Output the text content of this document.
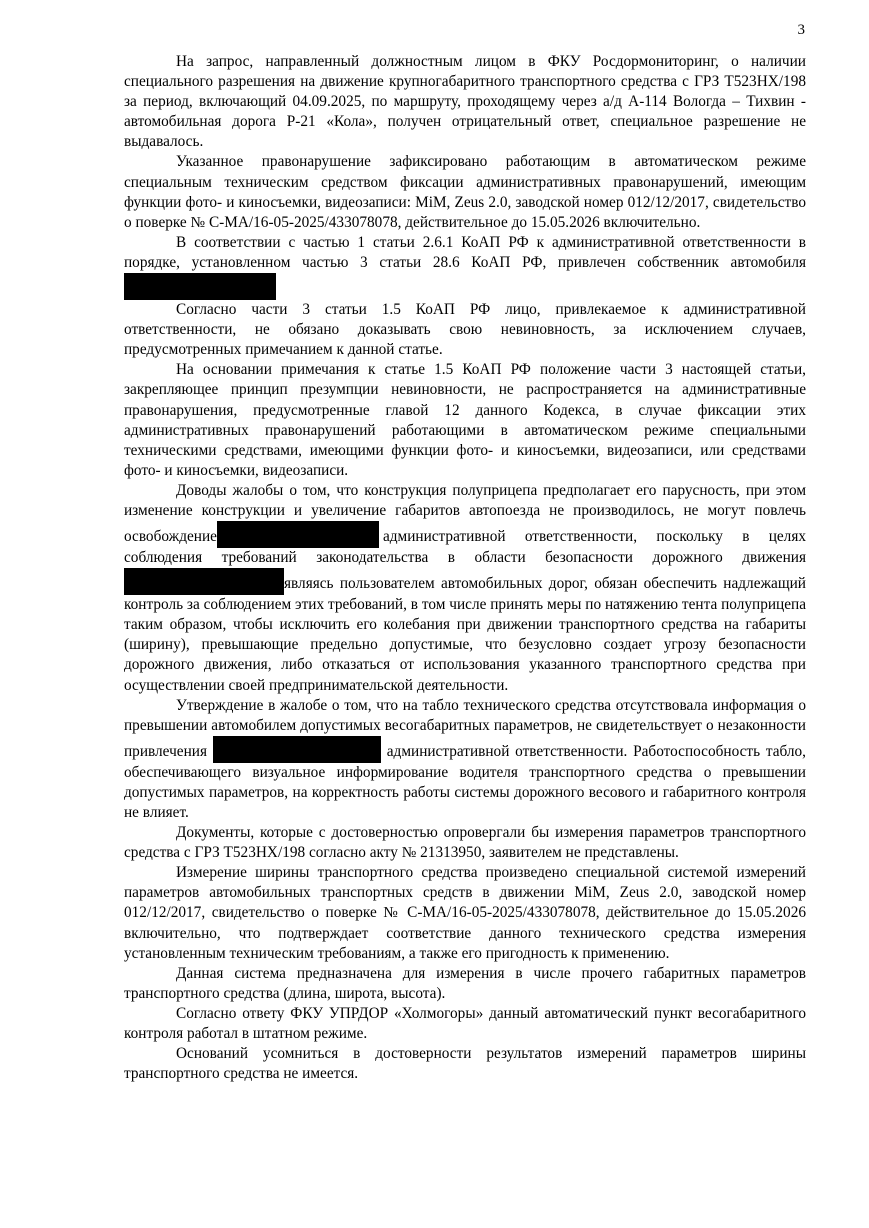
3

На запрос, направленный должностным лицом в ФКУ Росдормониторинг, о наличии специального разрешения на движение крупногабаритного транспортного средства с ГРЗ Т523НХ/198 за период, включающий 04.09.2025, по маршруту, проходящему через а/д А-114 Вологда – Тихвин - автомобильная дорога Р-21 «Кола», получен отрицательный ответ, специальное разрешение не выдавалось.

Указанное правонарушение зафиксировано работающим в автоматическом режиме специальным техническим средством фиксации административных правонарушений, имеющим функции фото- и киносъемки, видеозаписи: MiM, Zeus 2.0, заводской номер 012/12/2017, свидетельство о поверке № С-МА/16-05-2025/433078078, действительное до 15.05.2026 включительно.

В соответствии с частью 1 статьи 2.6.1 КоАП РФ к административной ответственности в порядке, установленном частью 3 статьи 28.6 КоАП РФ, привлечен собственник автомобиля

Согласно части 3 статьи 1.5 КоАП РФ лицо, привлекаемое к административной ответственности, не обязано доказывать свою невиновность, за исключением случаев, предусмотренных примечанием к данной статье.

На основании примечания к статье 1.5 КоАП РФ положение части 3 настоящей статьи, закрепляющее принцип презумпции невиновности, не распространяется на административные правонарушения, предусмотренные главой 12 данного Кодекса, в случае фиксации этих административных правонарушений работающими в автоматическом режиме специальными техническими средствами, имеющими функции фото- и киносъемки, видеозаписи, или средствами фото- и киносъемки, видеозаписи.

Доводы жалобы о том, что конструкция полуприцепа предполагает его парусность, при этом изменение конструкции и увеличение габаритов автопоезда не производилось, не могут повлечь освобождение	административной ответственности, поскольку в целях соблюдения требований законодательства в области безопасности дорожного движенияявляясь пользователем автомобильных дорог, обязан обеспечить надлежащий контроль за соблюдением этих требований, в том числе принять меры по натяжению тента полуприцепа таким образом, чтобы исключить его колебания при движении транспортного средства на габариты (ширину), превышающие предельно допустимые, что безусловно создает угрозу безопасности дорожного движения, либо отказаться от использования указанного транспортного средства при осуществлении своей предпринимательской деятельности.

Утверждение в жалобе о том, что на табло технического средства отсутствовала информация о превышении автомобилем допустимых весогабаритных параметров, не свидетельствует о незаконности привлечения	административной ответственности. Работоспособность табло, обеспечивающего визуальное информирование водителя транспортного средства о превышении допустимых параметров, на корректность работы системы дорожного весового и габаритного контроля не влияет.

Документы, которые с достоверностью опровергали бы измерения параметров транспортного средства с ГРЗ Т523НХ/198 согласно акту № 21313950, заявителем не представлены.

Измерение ширины транспортного средства произведено специальной системой измерений параметров автомобильных транспортных средств в движении MiM, Zeus 2.0, заводской номер 012/12/2017, свидетельство о поверке № С-МА/16-05-2025/433078078, действительное до 15.05.2026 включительно, что подтверждает соответствие данного технического средства измерения установленным техническим требованиям, а также его пригодность к применению.

Данная система предназначена для измерения в числе прочего габаритных параметров транспортного средства (длина, широта, высота).

Согласно ответу ФКУ УПРДОР «Холмогоры» данный автоматический пункт весогабаритного контроля работал в штатном режиме.

Оснований усомниться в достоверности результатов измерений параметров ширины транспортного средства не имеется.
